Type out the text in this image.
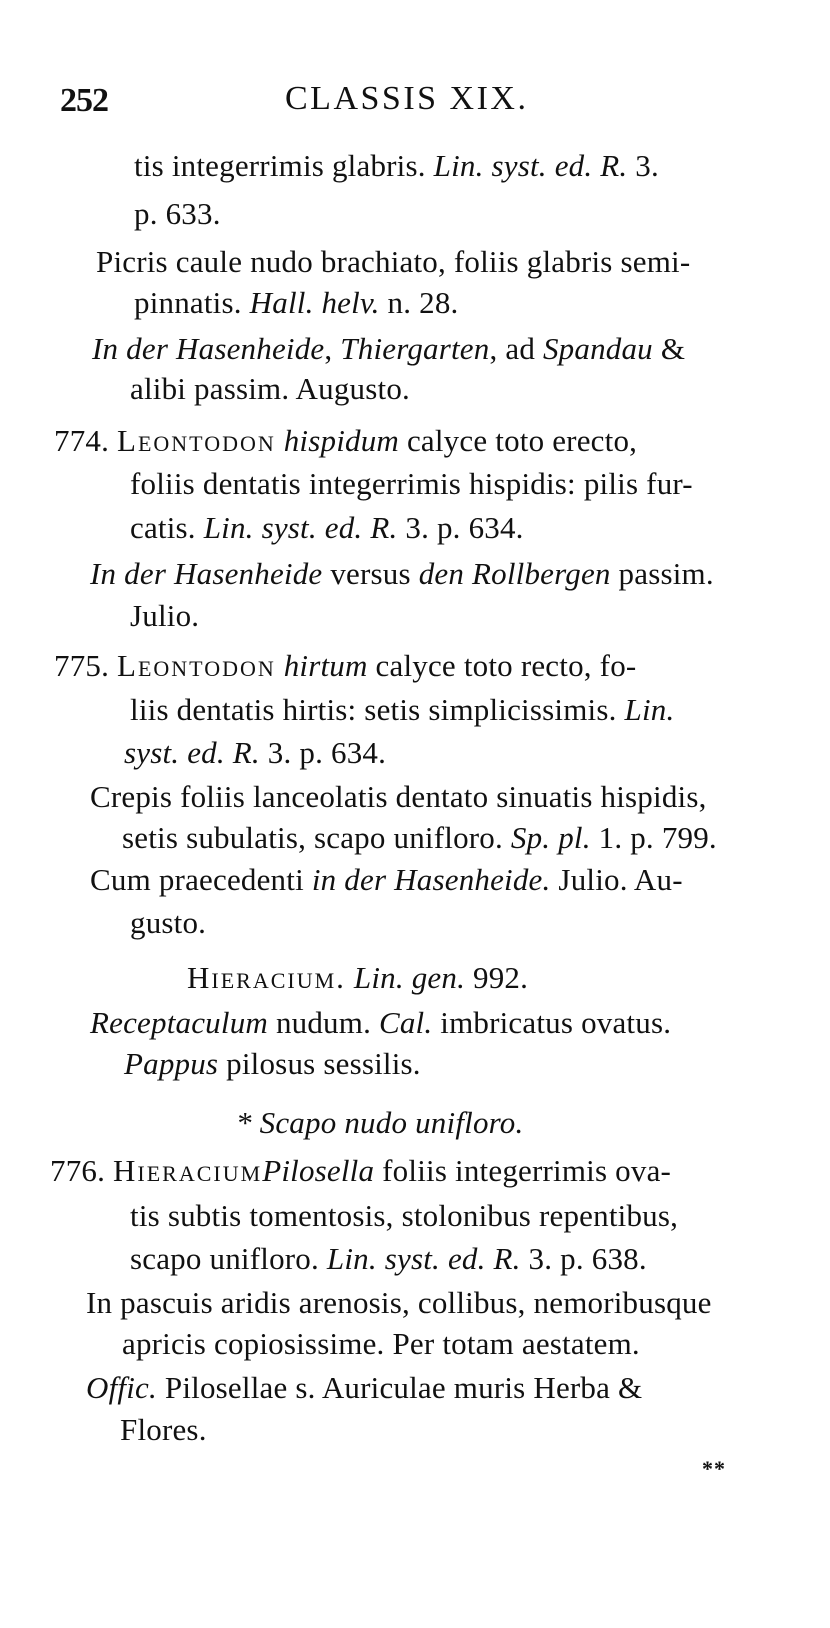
252	CLASSIS XIX.
tis integerrimis glabris. Lin. syst. ed. R. 3.
p. 633.
Picris caule nudo brachiato, foliis glabris semi-
pinnatis. Hall. helv. n. 28.
In der Hasenheide, Thiergarten, ad Spandau &
alibi passim. Augusto.
774. Leontodon hispidum calyce toto erecto,
foliis dentatis integerrimis hispidis: pilis fur-
catis. Lin. syst. ed. R. 3. p. 634.
In der Hasenheide versus den Rollbergen passim.
Julio.
775. Leontodon hirtum calyce toto recto, fo-
liis dentatis hirtis: setis simplicissimis. Lin.
syst. ed. R. 3. p. 634.
Crepis foliis lanceolatis dentato sinuatis hispidis,
setis subulatis, scapo unifloro. Sp. pl. 1. p. 799.
Cum praecedenti in der Hasenheide. Julio. Au-
gusto.
Hieracium. Lin. gen. 992.
Receptaculum nudum. Cal. imbricatus ovatus.
Pappus pilosus sessilis.
* Scapo nudo unifloro.
776. HieraciumPilosella foliis integerrimis ova-
tis subtis tomentosis, stolonibus repentibus,
scapo unifloro. Lin. syst. ed. R. 3. p. 638.
In pascuis aridis arenosis, collibus, nemoribusque
apricis copiosissime. Per totam aestatem.
Offic. Pilosellae s. Auriculae muris Herba &
Flores.
**
